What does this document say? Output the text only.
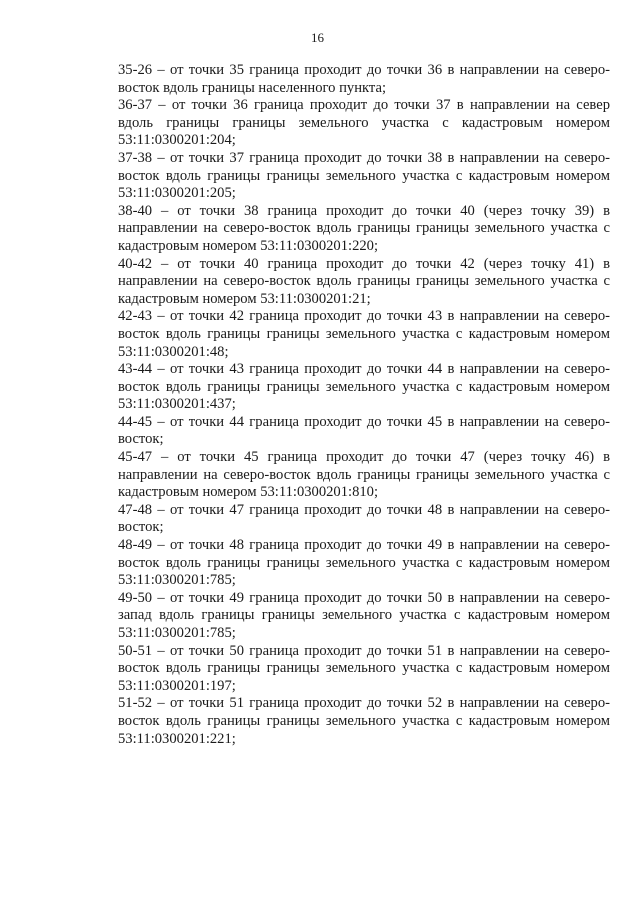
16

35-26 – от точки 35 граница проходит до точки 36 в направлении на северо-восток вдоль границы населенного пункта;

36-37 – от точки 36 граница проходит до точки 37 в направлении на север вдоль границы границы земельного участка с кадастровым номером 53:11:0300201:204;

37-38 – от точки 37 граница проходит до точки 38 в направлении на северо-восток вдоль границы границы земельного участка с кадастровым номером 53:11:0300201:205;

38-40 – от точки 38 граница проходит до точки 40 (через точку 39) в направлении на северо-восток вдоль границы границы земельного участка с кадастровым номером 53:11:0300201:220;

40-42 – от точки 40 граница проходит до точки 42 (через точку 41) в направлении на северо-восток вдоль границы границы земельного участка с кадастровым номером 53:11:0300201:21;

42-43 – от точки 42 граница проходит до точки 43 в направлении на северо-восток вдоль границы границы земельного участка с кадастровым номером 53:11:0300201:48;

43-44 – от точки 43 граница проходит до точки 44 в направлении на северо-восток вдоль границы границы земельного участка с кадастровым номером 53:11:0300201:437;

44-45 – от точки 44 граница проходит до точки 45 в направлении на северо-восток;

45-47 – от точки 45 граница проходит до точки 47 (через точку 46) в направлении на северо-восток вдоль границы границы земельного участка с кадастровым номером 53:11:0300201:810;

47-48 – от точки 47 граница проходит до точки 48 в направлении на северо-восток;

48-49 – от точки 48 граница проходит до точки 49 в направлении на северо-восток вдоль границы границы земельного участка с кадастровым номером 53:11:0300201:785;

49-50 – от точки 49 граница проходит до точки 50 в направлении на северо-запад вдоль границы границы земельного участка с кадастровым номером 53:11:0300201:785;

50-51 – от точки 50 граница проходит до точки 51 в направлении на северо-восток вдоль границы границы земельного участка с кадастровым номером 53:11:0300201:197;

51-52 – от точки 51 граница проходит до точки 52 в направлении на северо-восток вдоль границы границы земельного участка с кадастровым номером 53:11:0300201:221;
